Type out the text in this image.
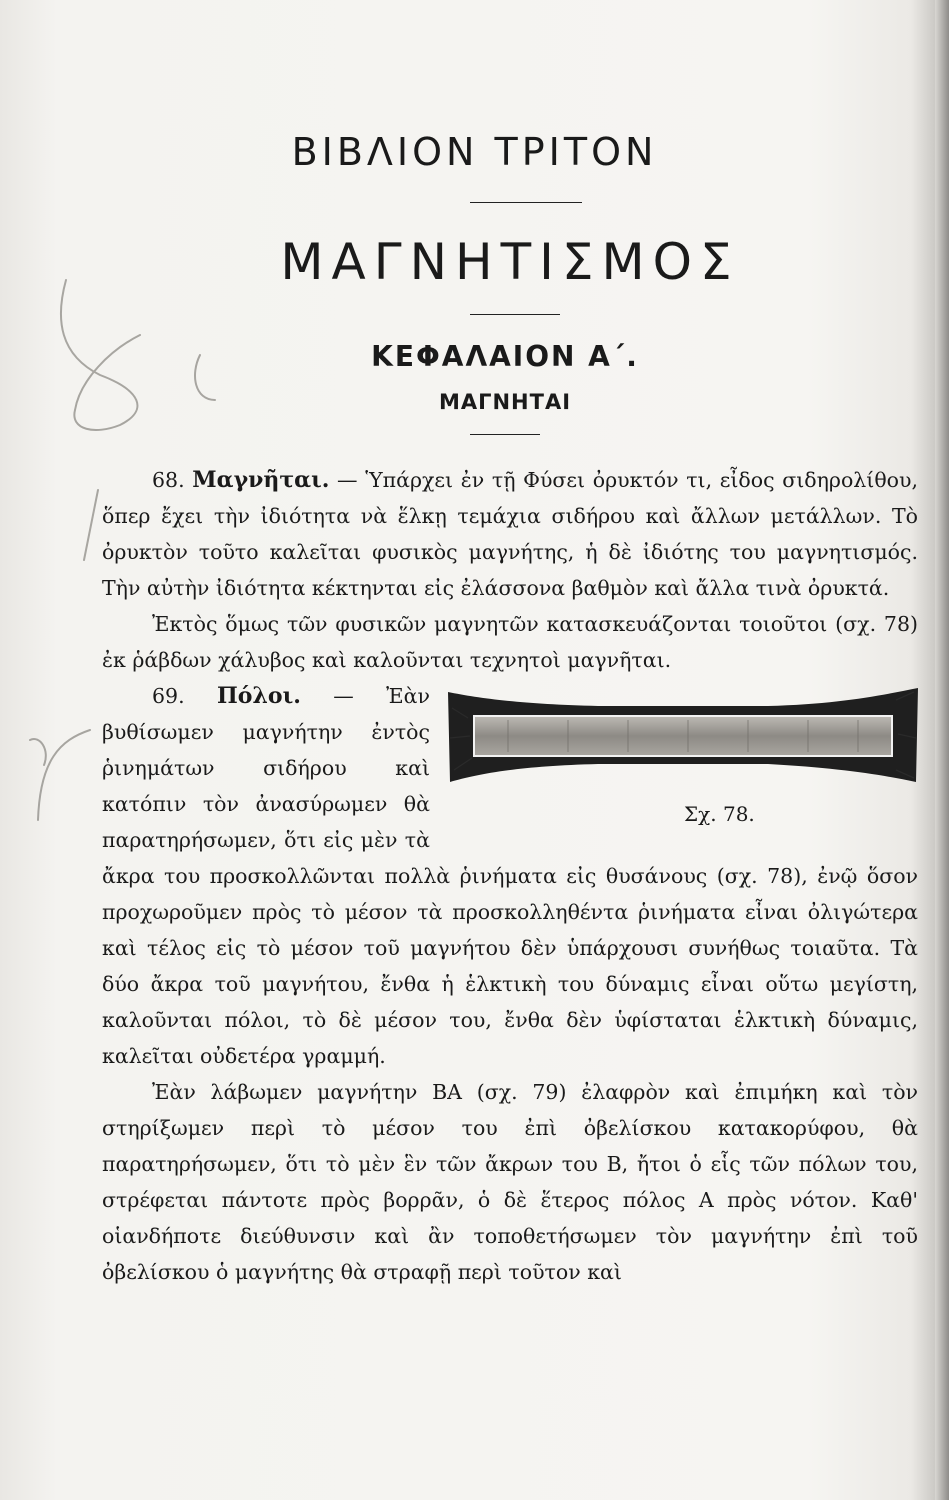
ΒΙΒΛΙΟΝ ΤΡΙΤΟΝ
ΜΑΓΝΗΤΙΣΜΟΣ
ΚΕΦΑΛΑΙΟΝ Α΄.
ΜΑΓΝΗΤΑΙ

68. Μαγνῆται. — Ὑπάρχει ἐν τῇ Φύσει ὀρυκτόν τι, εἶδος σιδηρολίθου, ὅπερ ἔχει τὴν ἰδιότητα νὰ ἕλκῃ τεμάχια σιδήρου καὶ ἄλλων μετάλλων. Τὸ ὀρυκτὸν τοῦτο καλεῖται φυσικὸς μαγνήτης, ἡ δὲ ἰδιότης του μαγνητισμός. Τὴν αὐτὴν ἰδιότητα κέκτηνται εἰς ἐλάσσονα βαθμὸν καὶ ἄλλα τινὰ ὀρυκτά.

Ἐκτὸς ὅμως τῶν φυσικῶν μαγνητῶν κατασκευάζονται τοιοῦτοι (σχ. 78) ἐκ ῥάβδων χάλυβος καὶ καλοῦνται τεχνητοὶ μαγνῆται.

Σχ. 78.
69. Πόλοι. — Ἐὰν βυθίσωμεν μαγνήτην ἐντὸς ῥινημάτων σιδήρου καὶ κατόπιν τὸν ἀνασύρωμεν θὰ παρατηρήσωμεν, ὅτι εἰς μὲν τὰ ἄκρα του προσκολλῶνται πολλὰ ῥινήματα εἰς θυσάνους (σχ. 78), ἐνῷ ὅσον προχωροῦμεν πρὸς τὸ μέσον τὰ προσκολληθέντα ῥινήματα εἶναι ὀλιγώτερα καὶ τέλος εἰς τὸ μέσον τοῦ μαγνήτου δὲν ὑπάρχουσι συνήθως τοιαῦτα. Τὰ δύο ἄκρα τοῦ μαγνήτου, ἔνθα ἡ ἑλκτικὴ του δύναμις εἶναι οὕτω μεγίστη, καλοῦνται πόλοι, τὸ δὲ μέσον του, ἔνθα δὲν ὑφίσταται ἑλκτικὴ δύναμις, καλεῖται οὐδετέρα γραμμή.

Ἐὰν λάβωμεν μαγνήτην ΒΑ (σχ. 79) ἐλαφρὸν καὶ ἐπιμήκη καὶ τὸν στηρίξωμεν περὶ τὸ μέσον του ἐπὶ ὀβελίσκου κατακορύφου, θὰ παρατηρήσωμεν, ὅτι τὸ μὲν ἓν τῶν ἄκρων του Β, ἤτοι ὁ εἷς τῶν πόλων του, στρέφεται πάντοτε πρὸς βορρᾶν, ὁ δὲ ἕτερος πόλος Α πρὸς νότον. Καθ' οἱανδήποτε διεύθυνσιν καὶ ἂν τοποθετήσωμεν τὸν μαγνήτην ἐπὶ τοῦ ὀβελίσκου ὁ μαγνήτης θὰ στραφῇ περὶ τοῦτον καὶ
